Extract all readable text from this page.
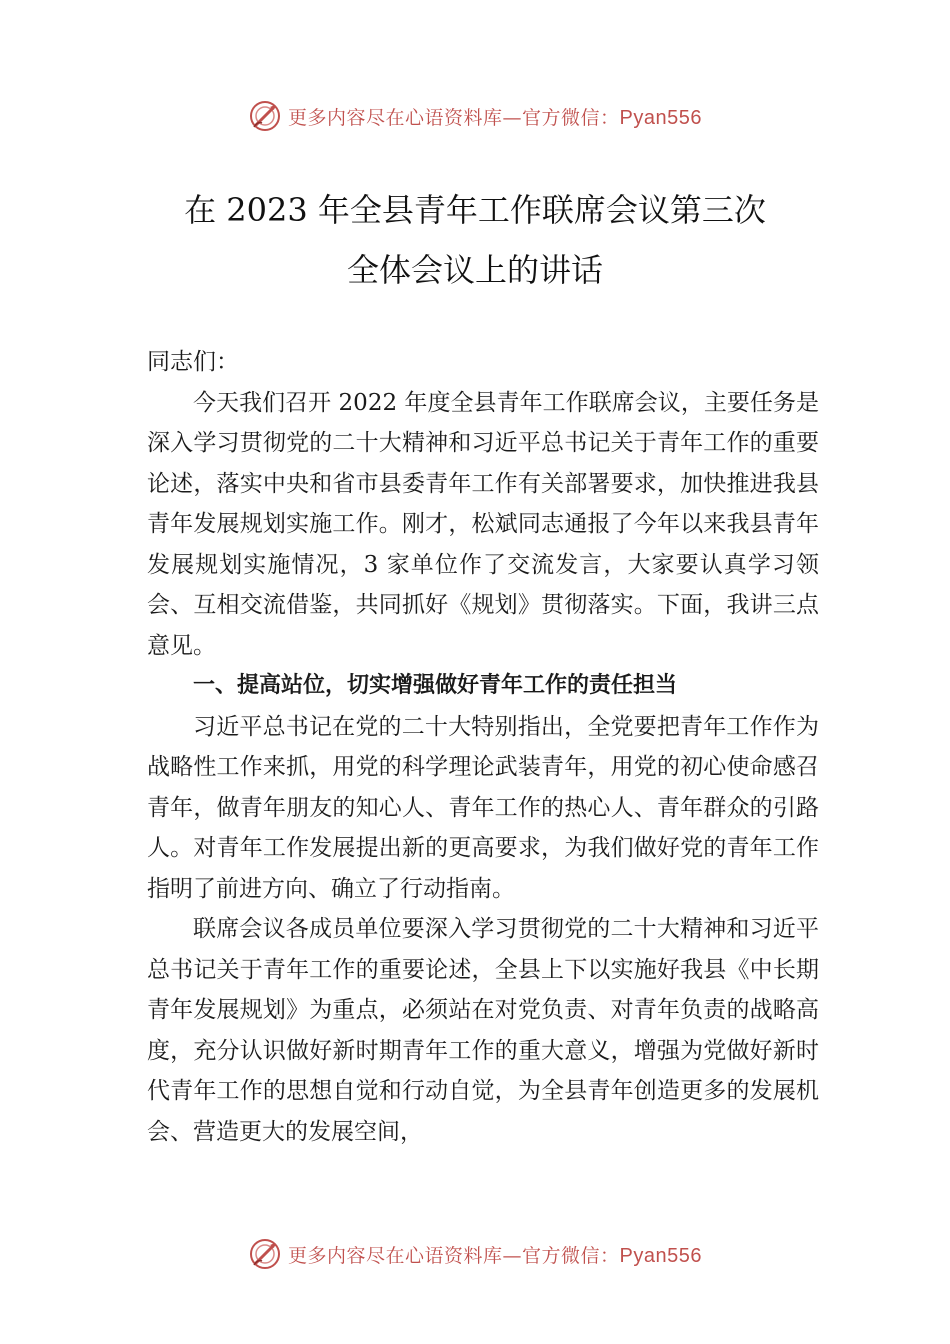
更多内容尽在心语资料库—官方微信：Pyan556
在 2023 年全县青年工作联席会议第三次
全体会议上的讲话

同志们：

今天我们召开 2022 年度全县青年工作联席会议，主要任务是深入学习贯彻党的二十大精神和习近平总书记关于青年工作的重要论述，落实中央和省市县委青年工作有关部署要求，加快推进我县青年发展规划实施工作。刚才，松斌同志通报了今年以来我县青年发展规划实施情况，3 家单位作了交流发言，大家要认真学习领会、互相交流借鉴，共同抓好《规划》贯彻落实。下面，我讲三点意见。

一、提高站位，切实增强做好青年工作的责任担当

习近平总书记在党的二十大特别指出，全党要把青年工作作为战略性工作来抓，用党的科学理论武装青年，用党的初心使命感召青年，做青年朋友的知心人、青年工作的热心人、青年群众的引路人。对青年工作发展提出新的更高要求，为我们做好党的青年工作指明了前进方向、确立了行动指南。

联席会议各成员单位要深入学习贯彻党的二十大精神和习近平总书记关于青年工作的重要论述，全县上下以实施好我县《中长期青年发展规划》为重点，必须站在对党负责、对青年负责的战略高度，充分认识做好新时期青年工作的重大意义，增强为党做好新时代青年工作的思想自觉和行动自觉，为全县青年创造更多的发展机会、营造更大的发展空间，

更多内容尽在心语资料库—官方微信：Pyan556
